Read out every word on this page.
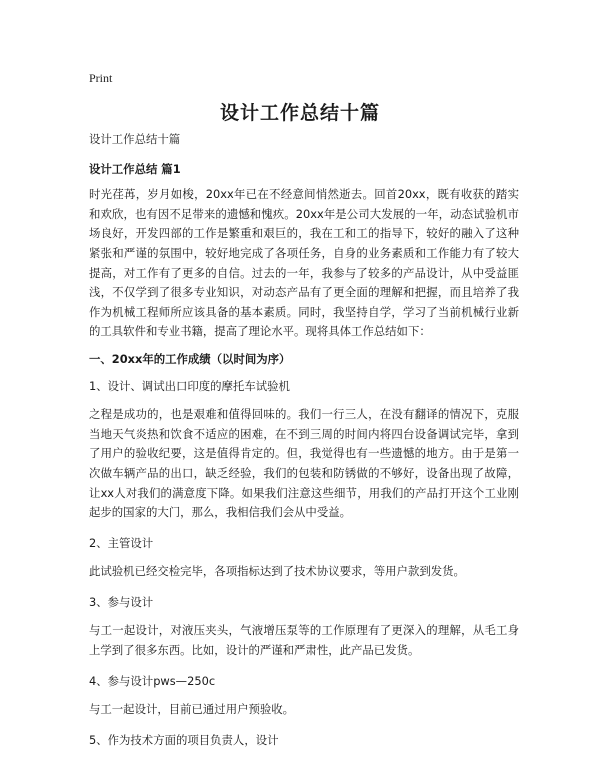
Print
设计工作总结十篇

设计工作总结十篇

设计工作总结 篇1

时光荏苒，岁月如梭，20xx年已在不经意间悄然逝去。回首20xx，既有收获的踏实和欢欣，也有因不足带来的遗憾和愧疚。20xx年是公司大发展的一年，动态试验机市场良好，开发四部的工作是繁重和艰巨的，我在工和工的指导下，较好的融入了这种紧张和严谨的氛围中，较好地完成了各项任务，自身的业务素质和工作能力有了较大提高，对工作有了更多的自信。过去的一年，我参与了较多的产品设计，从中受益匪浅，不仅学到了很多专业知识，对动态产品有了更全面的理解和把握，而且培养了我作为机械工程师所应该具备的基本素质。同时，我坚持自学，学习了当前机械行业新的工具软件和专业书籍，提高了理论水平。现将具体工作总结如下：

一、20xx年的工作成绩（以时间为序）

1、设计、调试出口印度的摩托车试验机

之程是成功的，也是艰难和值得回味的。我们一行三人，在没有翻译的情况下，克服当地天气炎热和饮食不适应的困难，在不到三周的时间内将四台设备调试完毕，拿到了用户的验收纪要，这是值得肯定的。但，我觉得也有一些遗憾的地方。由于是第一次做车辆产品的出口，缺乏经验，我们的包装和防锈做的不够好，设备出现了故障，让xx人对我们的满意度下降。如果我们注意这些细节，用我们的产品打开这个工业刚起步的国家的大门，那么，我相信我们会从中受益。

2、主管设计

此试验机已经交检完毕，各项指标达到了技术协议要求，等用户款到发货。

3、参与设计

与工一起设计，对液压夹头，气液增压泵等的工作原理有了更深入的理解，从毛工身上学到了很多东西。比如，设计的严谨和严肃性，此产品已发货。

4、参与设计pws—250c

与工一起设计，目前已通过用户预验收。

5、作为技术方面的项目负责人，设计
